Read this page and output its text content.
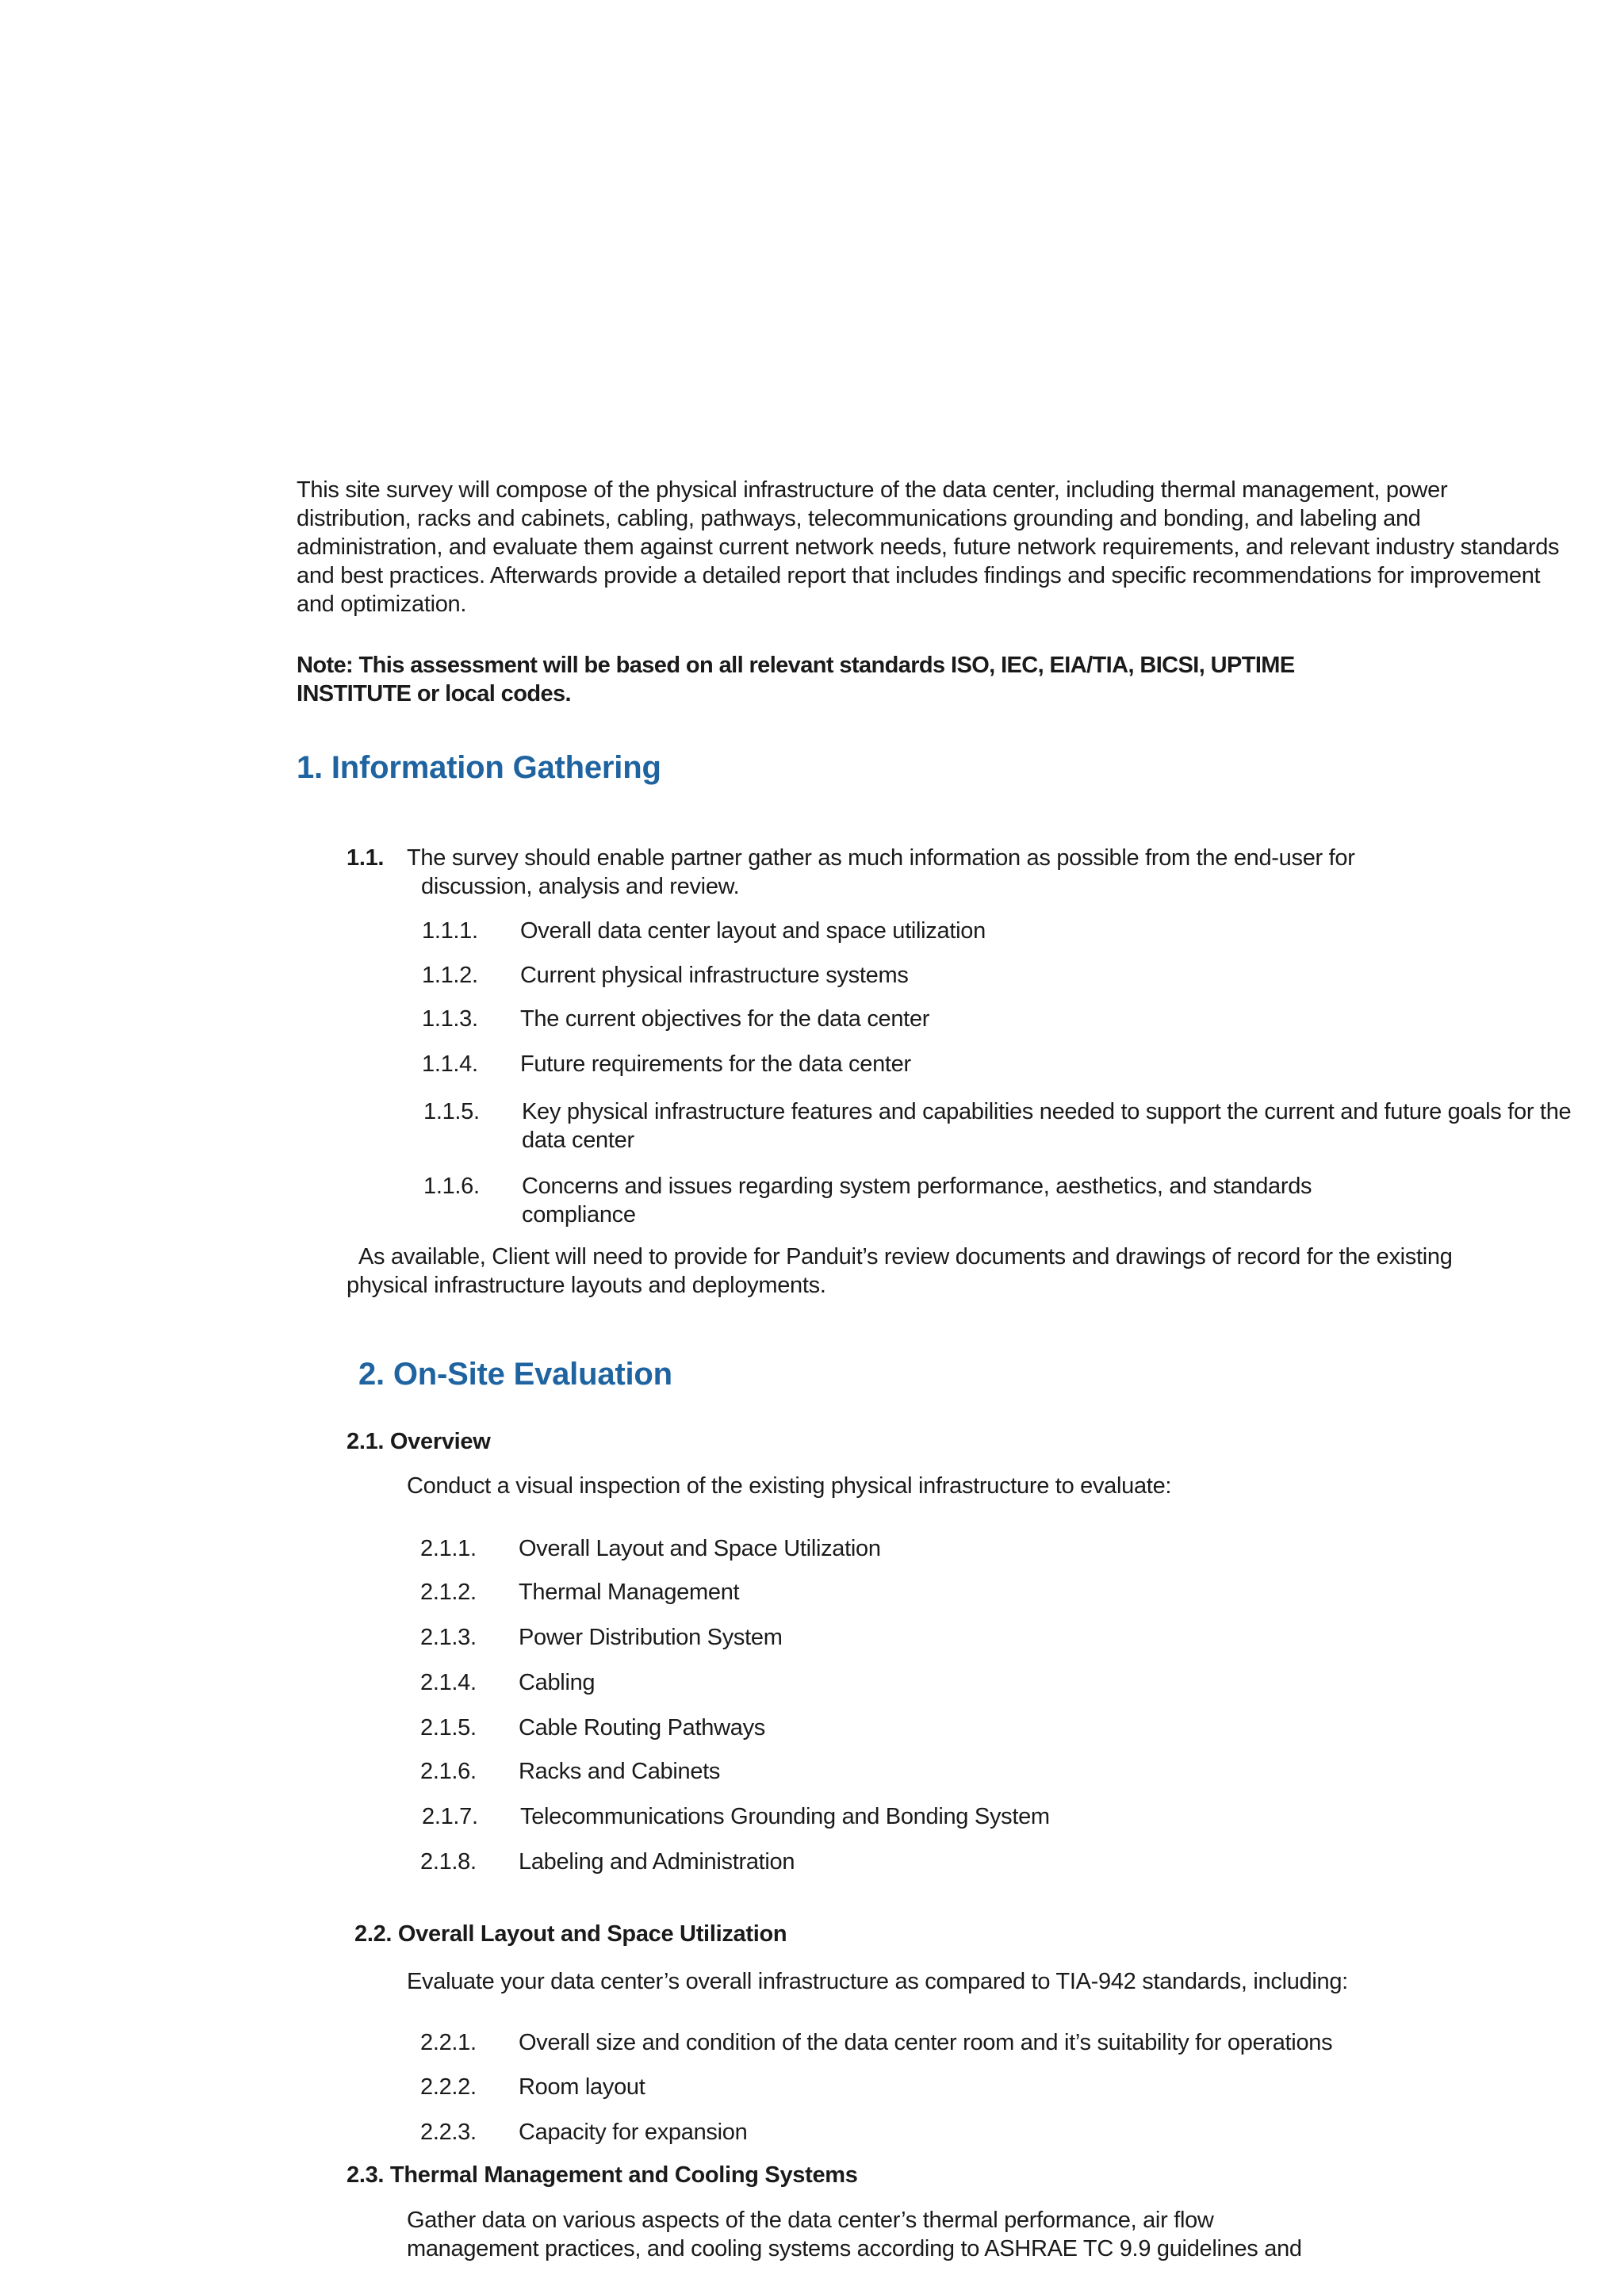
This site survey will compose of the physical infrastructure of the data center, including thermal management, power distribution, racks and cabinets, cabling, pathways, telecommunications grounding and bonding, and labeling and administration, and evaluate them against current network needs, future network requirements, and relevant industry standards and best practices. Afterwards provide a detailed report that includes findings and specific recommendations for improvement and optimization.
Note: This assessment will be based on all relevant standards ISO, IEC, EIA/TIA, BICSI, UPTIME INSTITUTE or local codes.
1. Information Gathering
1.1. The survey should enable partner gather as much information as possible from the end-user for
discussion, analysis and review.
1.1.1. Overall data center layout and space utilization
1.1.2. Current physical infrastructure systems
1.1.3. The current objectives for the data center
1.1.4. Future requirements for the data center
1.1.5. Key physical infrastructure features and capabilities needed to support the current and future goals for the data center
1.1.6. Concerns and issues regarding system performance, aesthetics, and standards compliance
As available, Client will need to provide for Panduit’s review documents and drawings of record for the existing
physical infrastructure layouts and deployments.
2. On-Site Evaluation
2.1. Overview
Conduct a visual inspection of the existing physical infrastructure to evaluate:
2.1.1. Overall Layout and Space Utilization
2.1.2. Thermal Management
2.1.3. Power Distribution System
2.1.4. Cabling
2.1.5. Cable Routing Pathways
2.1.6. Racks and Cabinets
2.1.7. Telecommunications Grounding and Bonding System
2.1.8. Labeling and Administration
2.2. Overall Layout and Space Utilization
Evaluate your data center’s overall infrastructure as compared to TIA-942 standards, including:
2.2.1. Overall size and condition of the data center room and it’s suitability for operations
2.2.2. Room layout
2.2.3. Capacity for expansion
2.3. Thermal Management and Cooling Systems
Gather data on various aspects of the data center’s thermal performance, air flow
management practices, and cooling systems according to ASHRAE TC 9.9 guidelines and
